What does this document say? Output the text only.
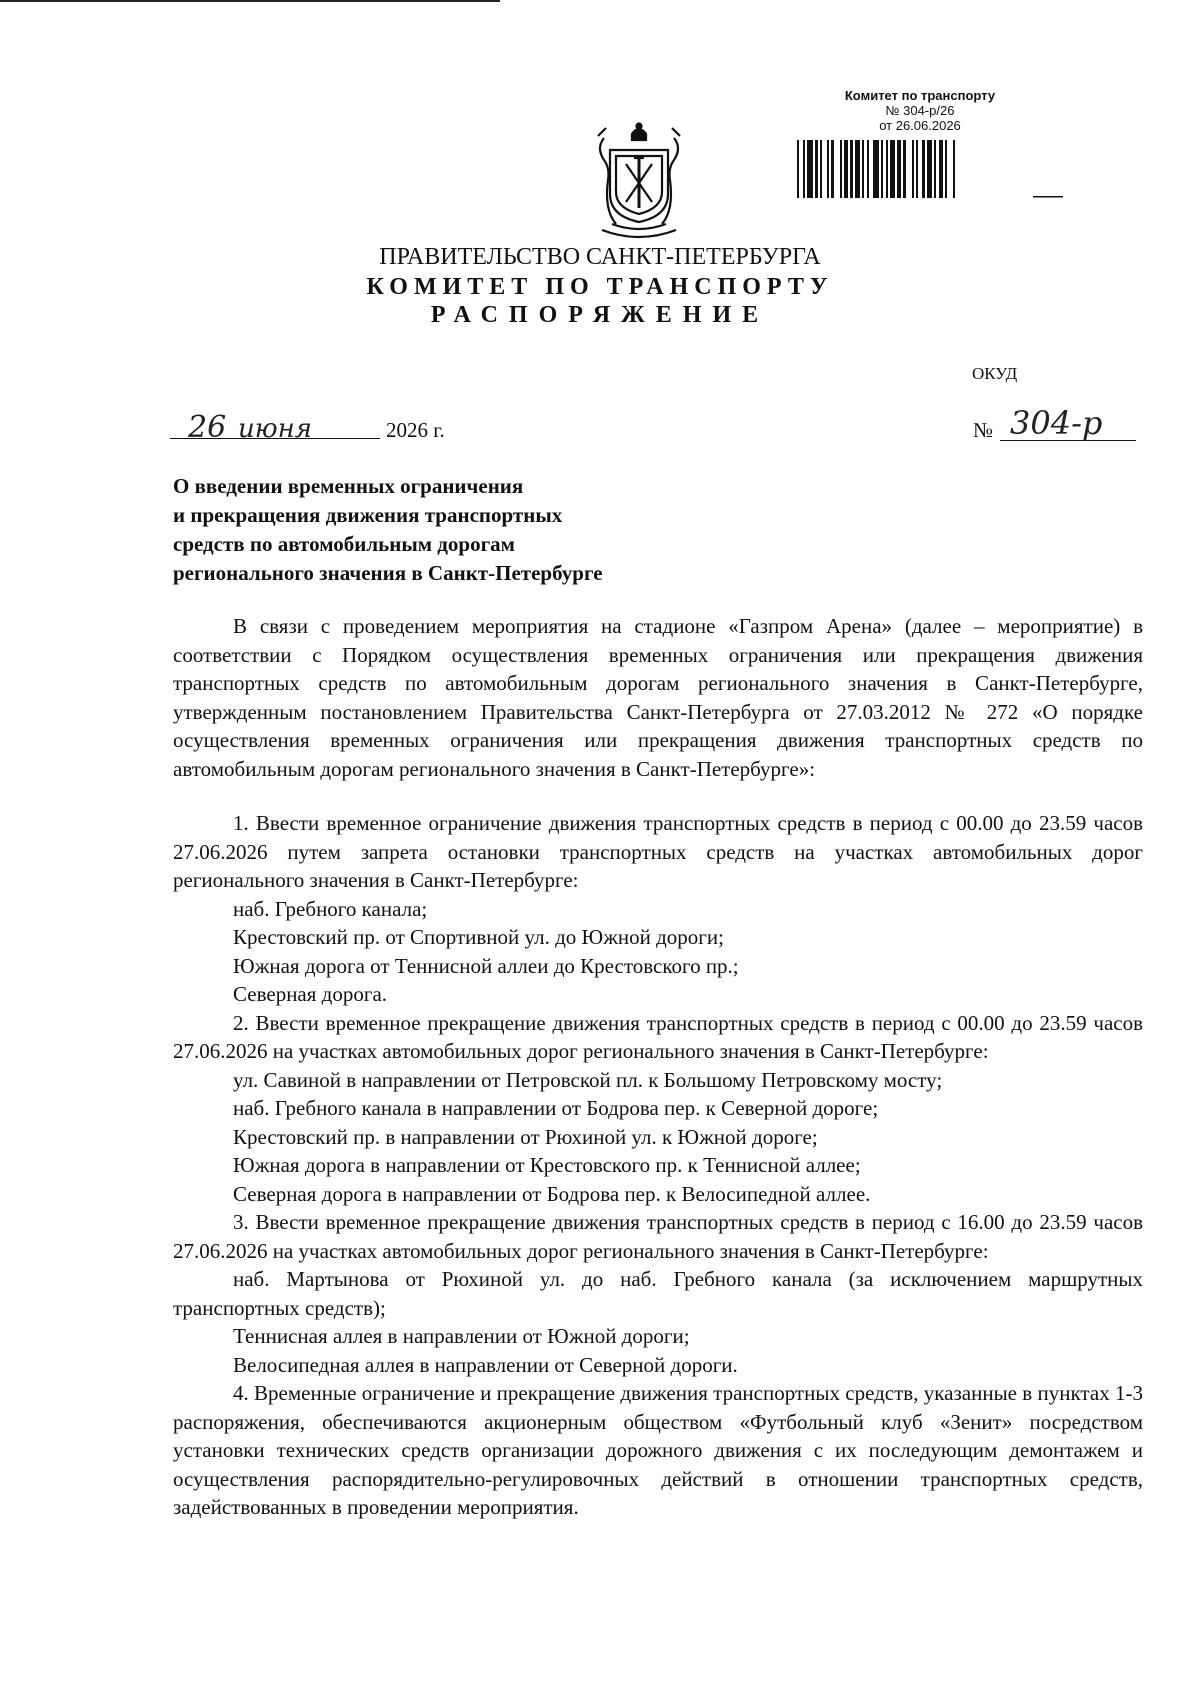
Комитет по транспорту
№ 304-р/26
от 26.06.2026
ПРАВИТЕЛЬСТВО САНКТ-ПЕТЕРБУРГА
КОМИТЕТ ПО ТРАНСПОРТУ
РАСПОРЯЖЕНИЕ
ОКУД
26 июня	2026 г.	№ 304-р
О введении временных ограничения
и прекращения движения транспортных
средств по автомобильным дорогам
регионального значения в Санкт-Петербурге

В связи с проведением мероприятия на стадионе «Газпром Арена» (далее – мероприятие) в соответствии с Порядком осуществления временных ограничения или прекращения движения транспортных средств по автомобильным дорогам регионального значения в Санкт-Петербурге, утвержденным постановлением Правительства Санкт-Петербурга от 27.03.2012 № 272 «О порядке осуществления временных ограничения или прекращения движения транспортных средств по автомобильным дорогам регионального значения в Санкт-Петербурге»:

1. Ввести временное ограничение движения транспортных средств в период с 00.00 до 23.59 часов 27.06.2026 путем запрета остановки транспортных средств на участках автомобильных дорог регионального значения в Санкт-Петербурге:

наб. Гребного канала;

Крестовский пр. от Спортивной ул. до Южной дороги;

Южная дорога от Теннисной аллеи до Крестовского пр.;

Северная дорога.

2. Ввести временное прекращение движения транспортных средств в период с 00.00 до 23.59 часов 27.06.2026 на участках автомобильных дорог регионального значения в Санкт-Петербурге:

ул. Савиной в направлении от Петровской пл. к Большому Петровскому мосту;

наб. Гребного канала в направлении от Бодрова пер. к Северной дороге;

Крестовский пр. в направлении от Рюхиной ул. к Южной дороге;

Южная дорога в направлении от Крестовского пр. к Теннисной аллее;

Северная дорога в направлении от Бодрова пер. к Велосипедной аллее.

3. Ввести временное прекращение движения транспортных средств в период с 16.00 до 23.59 часов 27.06.2026 на участках автомобильных дорог регионального значения в Санкт-Петербурге:

наб. Мартынова от Рюхиной ул. до наб. Гребного канала (за исключением маршрутных транспортных средств);

Теннисная аллея в направлении от Южной дороги;

Велосипедная аллея в направлении от Северной дороги.

4. Временные ограничение и прекращение движения транспортных средств, указанные в пунктах 1-3 распоряжения, обеспечиваются акционерным обществом «Футбольный клуб «Зенит» посредством установки технических средств организации дорожного движения с их последующим демонтажем и осуществления распорядительно-регулировочных действий в отношении транспортных средств, задействованных в проведении мероприятия.
